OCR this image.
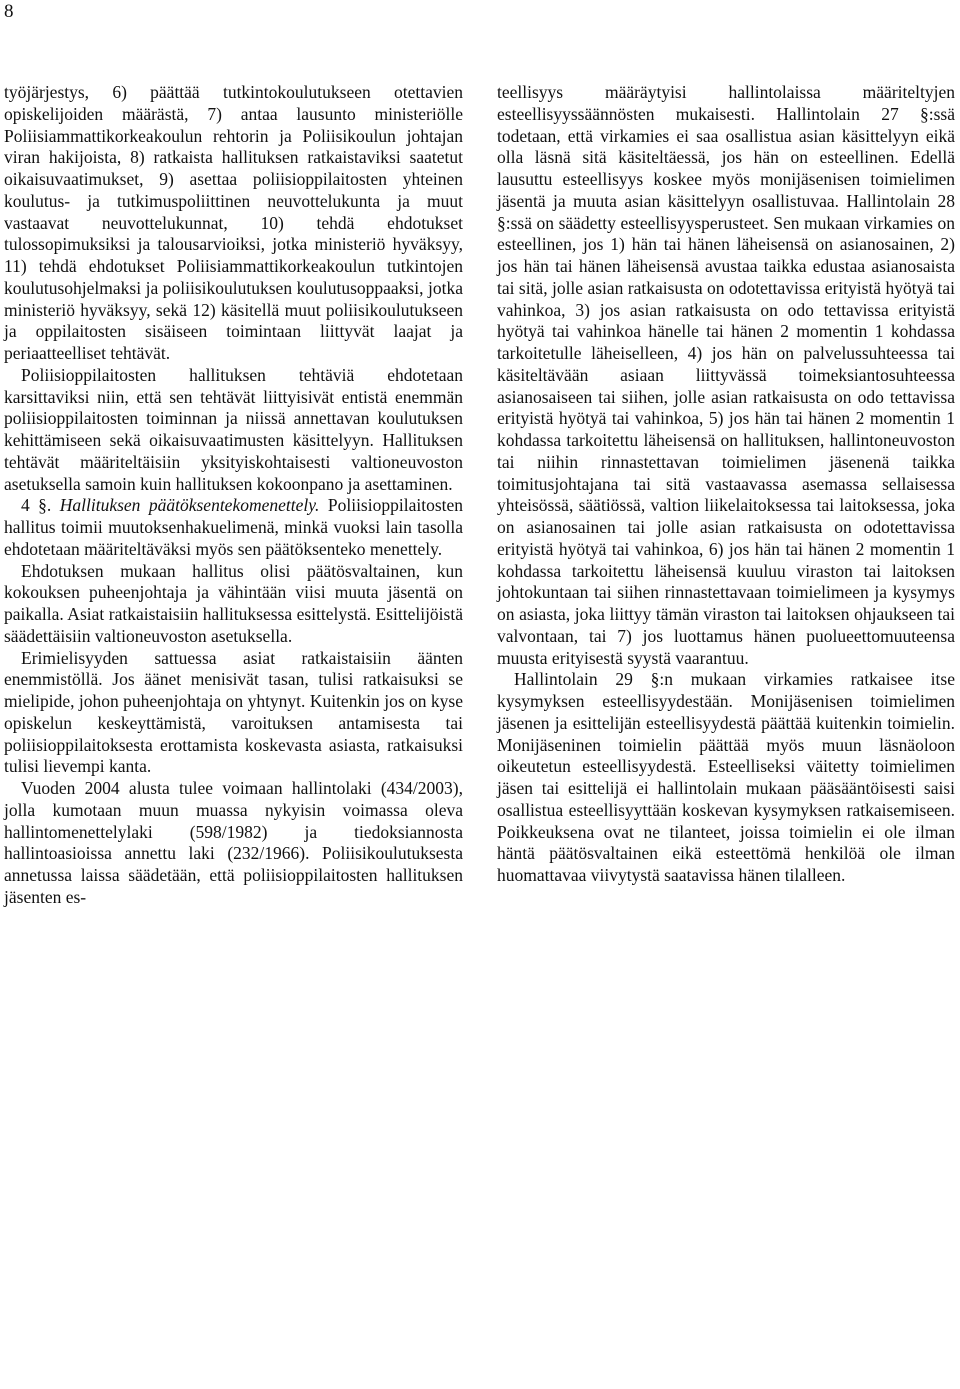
8

työjärjestys, 6) päättää tutkintokoulutukseen otettavien opiskelijoiden määrästä, 7) antaa lausunto ministeriölle Poliisiammattikorkeakoulun rehtorin ja Poliisikoulun johtajan viran hakijoista, 8) ratkaista hallituksen ratkaistaviksi saatetut oikaisuvaatimukset, 9) asettaa poliisioppilaitosten yhteinen koulutus- ja tutkimuspoliittinen neuvottelukunta ja muut vastaavat neuvottelukunnat, 10) tehdä ehdotukset tulossopimuksiksi ja talousarvioiksi, jotka ministeriö hyväksyy, 11) tehdä ehdotukset Poliisiammattikorkeakoulun tutkintojen koulutusohjelmaksi ja poliisikoulutuksen koulutusoppaaksi, jotka ministeriö hyväksyy, sekä 12) käsitellä muut poliisikoulutukseen ja oppilaitosten sisäiseen toimintaan liittyvät laajat ja periaatteelliset tehtävät.

Poliisioppilaitosten hallituksen tehtäviä ehdotetaan karsittaviksi niin, että sen tehtävät liittyisivät entistä enemmän poliisioppilaitosten toiminnan ja niissä annettavan koulutuksen kehittämiseen sekä oikaisuvaatimusten käsittelyyn. Hallituksen tehtävät määriteltäisiin yksityiskohtaisesti valtioneuvoston asetuksella samoin kuin hallituksen kokoonpano ja asettaminen.

4 §. Hallituksen päätöksentekomenettely. Poliisioppilaitosten hallitus toimii muutoksenhakuelimenä, minkä vuoksi lain tasolla ehdotetaan määriteltäväksi myös sen päätöksenteko menettely.

Ehdotuksen mukaan hallitus olisi päätösvaltainen, kun kokouksen puheenjohtaja ja vähintään viisi muuta jäsentä on paikalla. Asiat ratkaistaisiin hallituksessa esittelystä. Esittelijöistä säädettäisiin valtioneuvoston asetuksella.

Erimielisyyden sattuessa asiat ratkaistaisiin äänten enemmistöllä. Jos äänet menisivät tasan, tulisi ratkaisuksi se mielipide, johon puheenjohtaja on yhtynyt. Kuitenkin jos on kyse opiskelun keskeyttämistä, varoituksen antamisesta tai poliisioppilaitoksesta erottamista koskevasta asiasta, ratkaisuksi tulisi lievempi kanta.

Vuoden 2004 alusta tulee voimaan hallintolaki (434/2003), jolla kumotaan muun muassa nykyisin voimassa oleva hallintomenettelylaki (598/1982) ja tiedoksiannosta hallintoasioissa annettu laki (232/1966). Poliisikoulutuksesta annetussa laissa säädetään, että poliisioppilaitosten hallituksen jäsenten es-

teellisyys määräytyisi hallintolaissa määriteltyjen esteellisyyssäännösten mukaisesti. Hallintolain 27 §:ssä todetaan, että virkamies ei saa osallistua asian käsittelyyn eikä olla läsnä sitä käsiteltäessä, jos hän on esteellinen. Edellä lausuttu esteellisyys koskee myös monijäsenisen toimielimen jäsentä ja muuta asian käsittelyyn osallistuvaa. Hallintolain 28 §:ssä on säädetty esteellisyysperusteet. Sen mukaan virkamies on esteellinen, jos 1) hän tai hänen läheisensä on asianosainen, 2) jos hän tai hänen läheisensä avustaa taikka edustaa asianosaista tai sitä, jolle asian ratkaisusta on odotettavissa erityistä hyötyä tai vahinkoa, 3) jos asian ratkaisusta on odo tettavissa erityistä hyötyä tai vahinkoa hänelle tai hänen 2 momentin 1 kohdassa tarkoitetulle läheiselleen, 4) jos hän on palvelussuhteessa tai käsiteltävään asiaan liittyvässä toimeksiantosuhteessa asianosaiseen tai siihen, jolle asian ratkaisusta on odo tettavissa erityistä hyötyä tai vahinkoa, 5) jos hän tai hänen 2 momentin 1 kohdassa tarkoitettu läheisensä on hallituksen, hallintoneuvoston tai niihin rinnastettavan toimielimen jäsenenä taikka toimitusjohtajana tai sitä vastaavassa asemassa sellaisessa yhteisössä, säätiössä, valtion liikelaitoksessa tai laitoksessa, joka on asianosainen tai jolle asian ratkaisusta on odotettavissa erityistä hyötyä tai vahinkoa, 6) jos hän tai hänen 2 momentin 1 kohdassa tarkoitettu läheisensä kuuluu viraston tai laitoksen johtokuntaan tai siihen rinnastettavaan toimielimeen ja kysymys on asiasta, joka liittyy tämän viraston tai laitoksen ohjaukseen tai valvontaan, tai 7) jos luottamus hänen puolueettomuuteensa muusta erityisestä syystä vaarantuu.

Hallintolain 29 §:n mukaan virkamies ratkaisee itse kysymyksen esteellisyydestään. Monijäsenisen toimielimen jäsenen ja esittelijän esteellisyydestä päättää kuitenkin toimielin. Monijäseninen toimielin päättää myös muun läsnäoloon oikeutetun esteellisyydestä. Esteelliseksi väitetty toimielimen jäsen tai esittelijä ei hallintolain mukaan pääsääntöisesti saisi osallistua esteellisyyttään koskevan kysymyksen ratkaisemiseen. Poikkeuksena ovat ne tilanteet, joissa toimielin ei ole ilman häntä päätösvaltainen eikä esteettömä henkilöä ole ilman huomattavaa viivytystä saatavissa hänen tilalleen.
